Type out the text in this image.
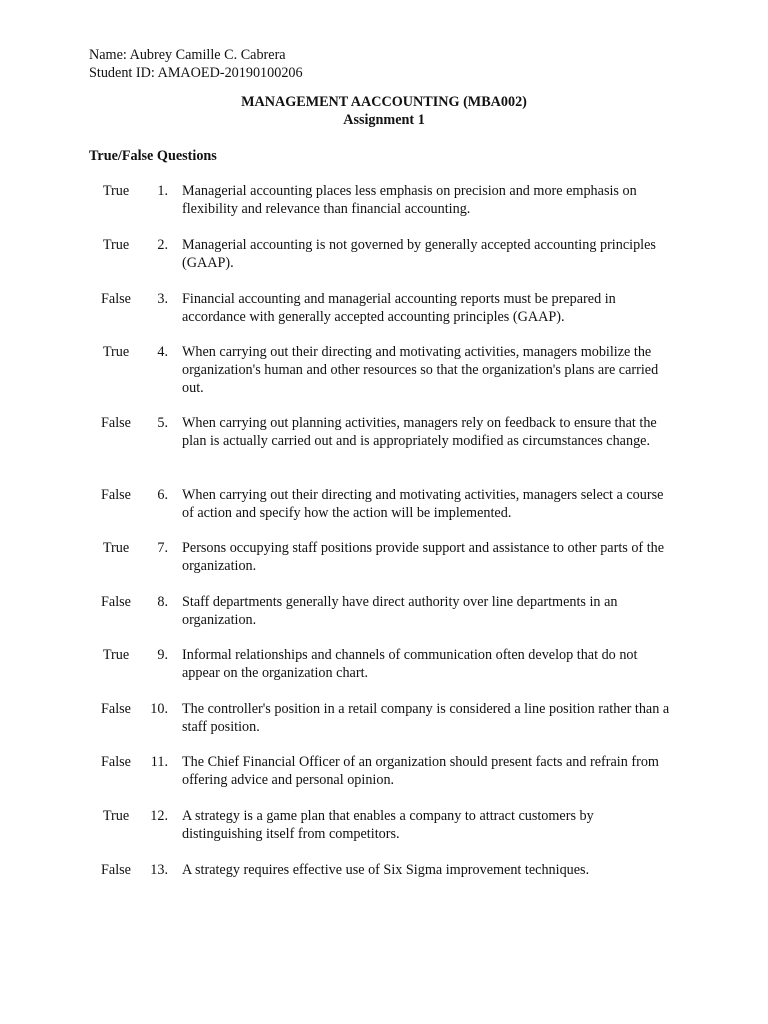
Name: Aubrey Camille C. Cabrera
Student ID: AMAOED-20190100206
MANAGEMENT AACCOUNTING (MBA002)
Assignment 1
True/False Questions
True	1. Managerial accounting places less emphasis on precision and more emphasis on flexibility and relevance than financial accounting.
True	2. Managerial accounting is not governed by generally accepted accounting principles (GAAP).
False	3. Financial accounting and managerial accounting reports must be prepared in accordance with generally accepted accounting principles (GAAP).
True	4. When carrying out their directing and motivating activities, managers mobilize the organization's human and other resources so that the organization's plans are carried out.
False	5. When carrying out planning activities, managers rely on feedback to ensure that the plan is actually carried out and is appropriately modified as circumstances change.
False	6. When carrying out their directing and motivating activities, managers select a course of action and specify how the action will be implemented.
True	7. Persons occupying staff positions provide support and assistance to other parts of the organization.
False	8. Staff departments generally have direct authority over line departments in an organization.
True	9. Informal relationships and channels of communication often develop that do not appear on the organization chart.
False	10. The controller's position in a retail company is considered a line position rather than a staff position.
False	11. The Chief Financial Officer of an organization should present facts and refrain from offering advice and personal opinion.
True	12. A strategy is a game plan that enables a company to attract customers by distinguishing itself from competitors.
False	13. A strategy requires effective use of Six Sigma improvement techniques.
